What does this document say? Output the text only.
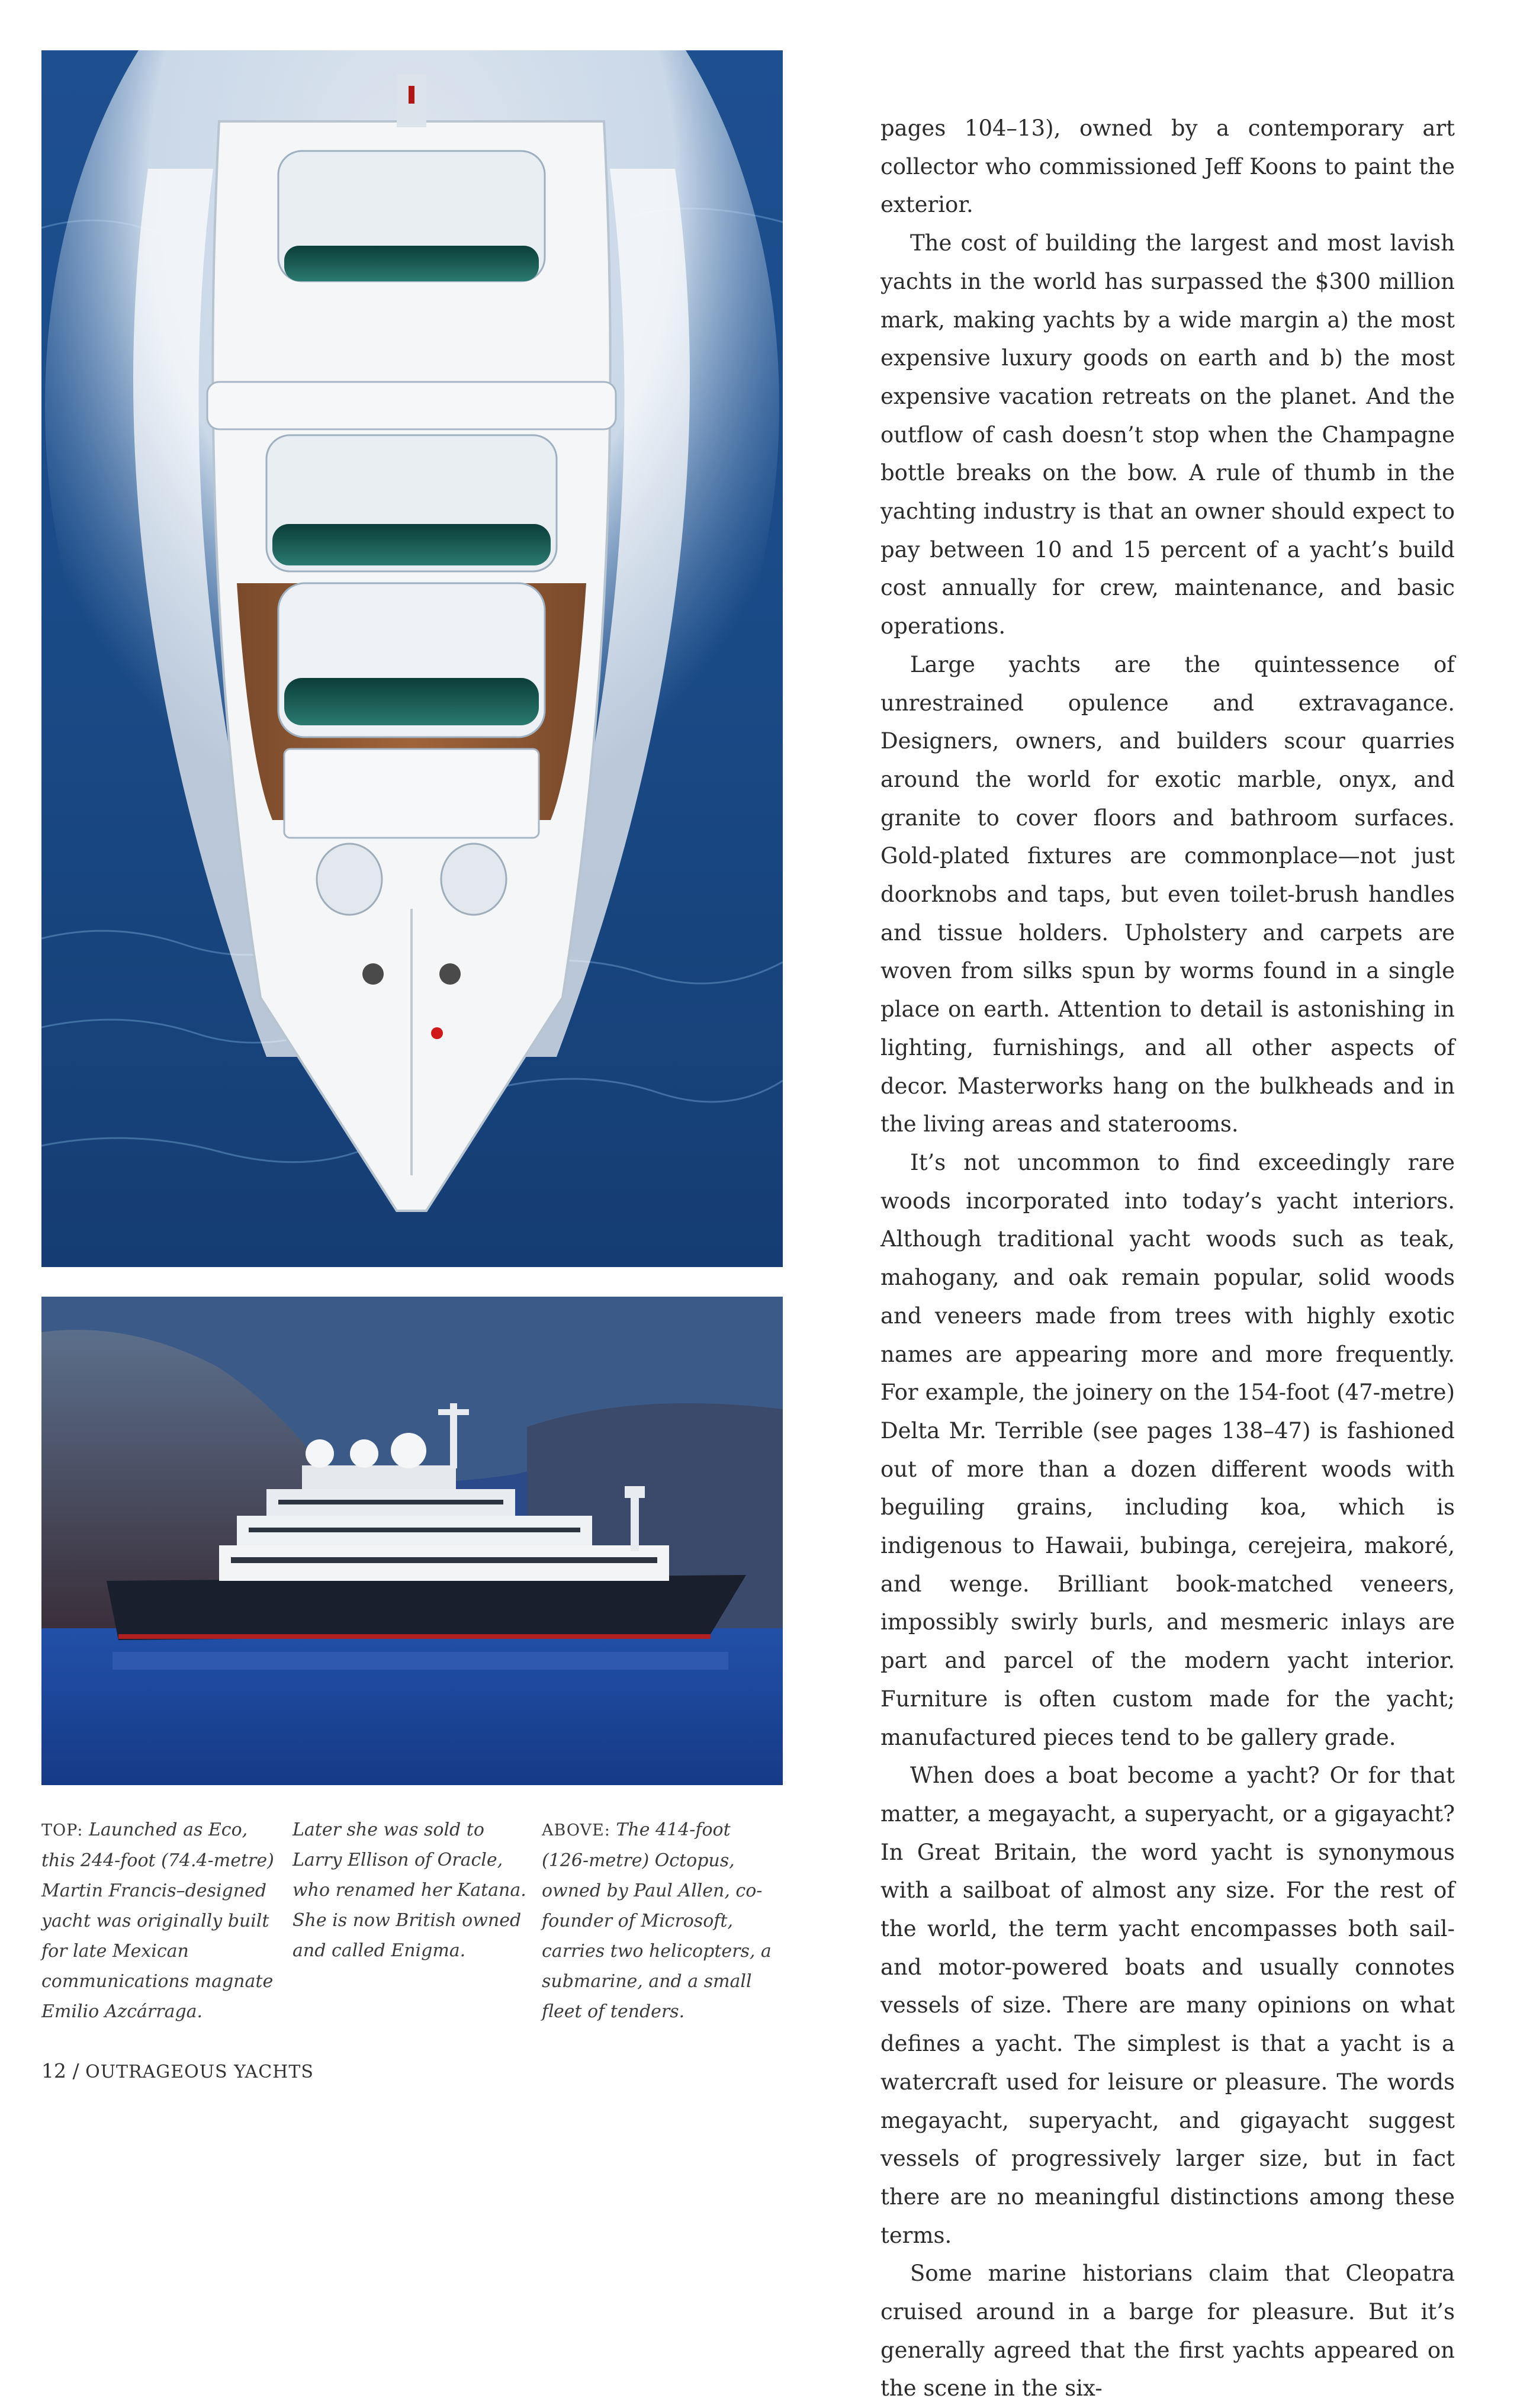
TOP: Launched as Eco, this 244-foot (74.4-metre) Martin Francis–designed yacht was originally built for late Mexican communications magnate Emilio Azcárraga.
Later she was sold to Larry Ellison of Oracle, who renamed her Katana. She is now British owned and called Enigma.
ABOVE: The 414-foot (126-metre) Octopus, owned by Paul Allen, co-founder of Microsoft, carries two helicopters, a submarine, and a small fleet of tenders.
12 / OUTRAGEOUS YACHTS

pages 104–13), owned by a contemporary art collector who commissioned Jeff Koons to paint the exterior.

The cost of building the largest and most lavish yachts in the world has surpassed the $300 million mark, making yachts by a wide margin a) the most expensive luxury goods on earth and b) the most expensive vacation retreats on the planet. And the outflow of cash doesn’t stop when the Champagne bottle breaks on the bow. A rule of thumb in the yachting industry is that an owner should expect to pay between 10 and 15 percent of a yacht’s build cost annually for crew, maintenance, and basic operations.

Large yachts are the quintessence of unrestrained opulence and extravagance. Designers, owners, and builders scour quarries around the world for exotic marble, onyx, and granite to cover floors and bathroom surfaces. Gold-plated fixtures are commonplace—not just doorknobs and taps, but even toilet-brush handles and tissue holders. Upholstery and carpets are woven from silks spun by worms found in a single place on earth. Attention to detail is astonishing in lighting, furnishings, and all other aspects of decor. Masterworks hang on the bulkheads and in the living areas and staterooms.

It’s not uncommon to find exceedingly rare woods incorporated into today’s yacht interiors. Although traditional yacht woods such as teak, mahogany, and oak remain popular, solid woods and veneers made from trees with highly exotic names are appearing more and more frequently. For example, the joinery on the 154-foot (47-metre) Delta Mr. Terrible (see pages 138–47) is fashioned out of more than a dozen different woods with beguiling grains, including koa, which is indigenous to Hawaii, bubinga, cerejeira, makoré, and wenge. Brilliant book-matched veneers, impossibly swirly burls, and mesmeric inlays are part and parcel of the modern yacht interior. Furniture is often custom made for the yacht; manufactured pieces tend to be gallery grade.

When does a boat become a yacht? Or for that matter, a megayacht, a superyacht, or a gigayacht? In Great Britain, the word yacht is synonymous with a sailboat of almost any size. For the rest of the world, the term yacht encompasses both sail- and motor-powered boats and usually connotes vessels of size. There are many opinions on what defines a yacht. The simplest is that a yacht is a watercraft used for leisure or pleasure. The words megayacht, superyacht, and gigayacht suggest vessels of progressively larger size, but in fact there are no meaningful distinctions among these terms.

Some marine historians claim that Cleopatra cruised around in a barge for pleasure. But it’s generally agreed that the first yachts appeared on the scene in the six-
